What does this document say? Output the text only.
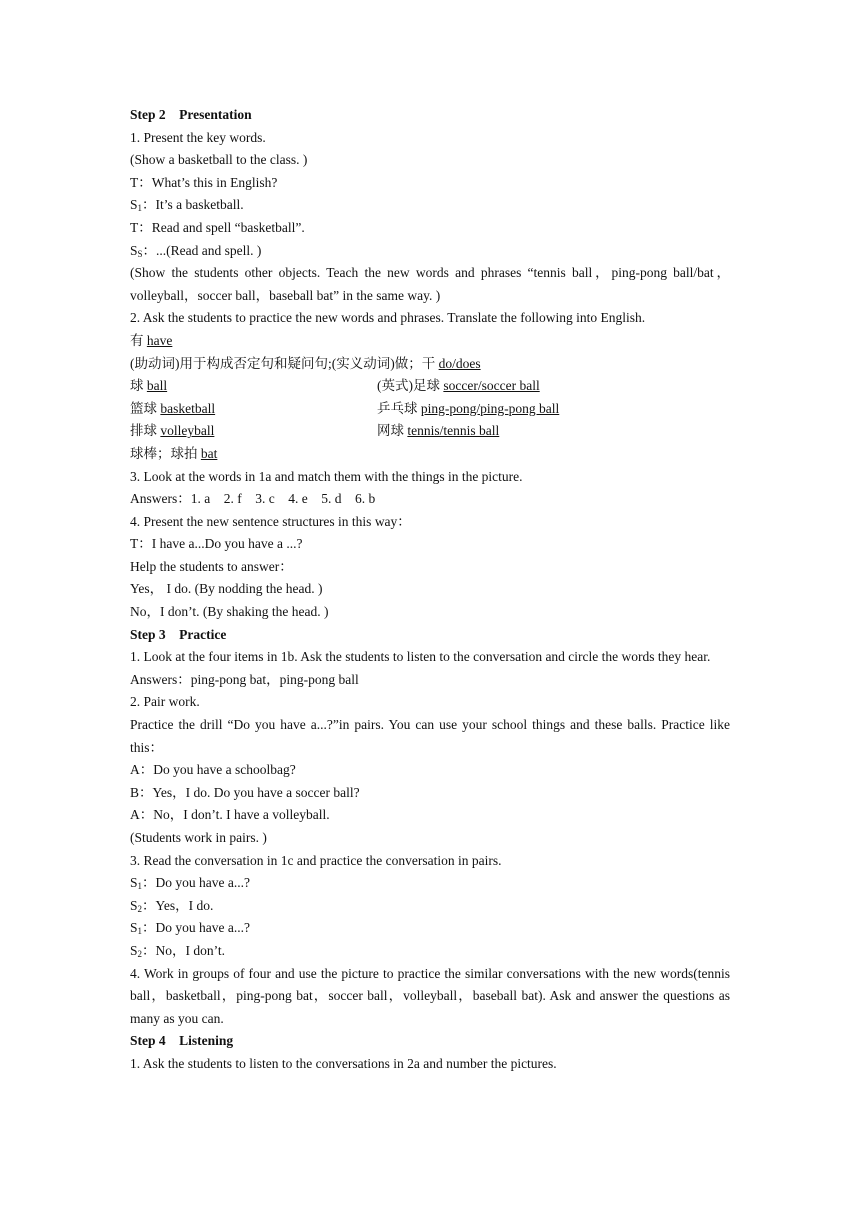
Step 2　Presentation
1. Present the key words.
(Show a basketball to the class. )
T：What’s this in English?
$S_1$：It’s a basketball.
T：Read and spell “basketball”.
$S_S$：...(Read and spell. )
(Show the students other objects. Teach the new words and phrases “tennis ball，ping-pong ball/bat，volleyball，soccer ball，baseball bat” in the same way. )
2. Ask the students to practice the new words and phrases. Translate the following into English.
有 have
(助动词)用于构成否定句和疑问句;(实义动词)做；干 do/does
球 ball	(英式)足球 soccer/soccer ball
篮球 basketball	乒乓球 ping-pong/ping-pong ball
排球 volleyball	网球 tennis/tennis ball
球棒；球拍 bat
3. Look at the words in 1a and match them with the things in the picture.
Answers：1. a　2. f　3. c　4. e　5. d　6. b
4. Present the new sentence structures in this way：
T：I have a...Do you have a ...?
Help the students to answer：
Yes， I do. (By nodding the head. )
No，I don’t. (By shaking the head. )
Step 3　Practice
1. Look at the four items in 1b. Ask the students to listen to the conversation and circle the words they hear.
Answers：ping-pong bat，ping-pong ball
2. Pair work.
Practice the drill “Do you have a...?”in pairs. You can use your school things and these balls. Practice like this：
A：Do you have a schoolbag?
B：Yes，I do. Do you have a soccer ball?
A：No，I don’t. I have a volleyball.
(Students work in pairs. )
3. Read the conversation in 1c and practice the conversation in pairs.
$S_1$：Do you have a...?
$S_2$：Yes，I do.
$S_1$：Do you have a...?
$S_2$：No，I don’t.
4. Work in groups of four and use the picture to practice the similar conversations with the new words(tennis ball，basketball，ping-pong bat，soccer ball，volleyball，baseball bat). Ask and answer the questions as many as you can.
Step 4　Listening
1. Ask the students to listen to the conversations in 2a and number the pictures.
